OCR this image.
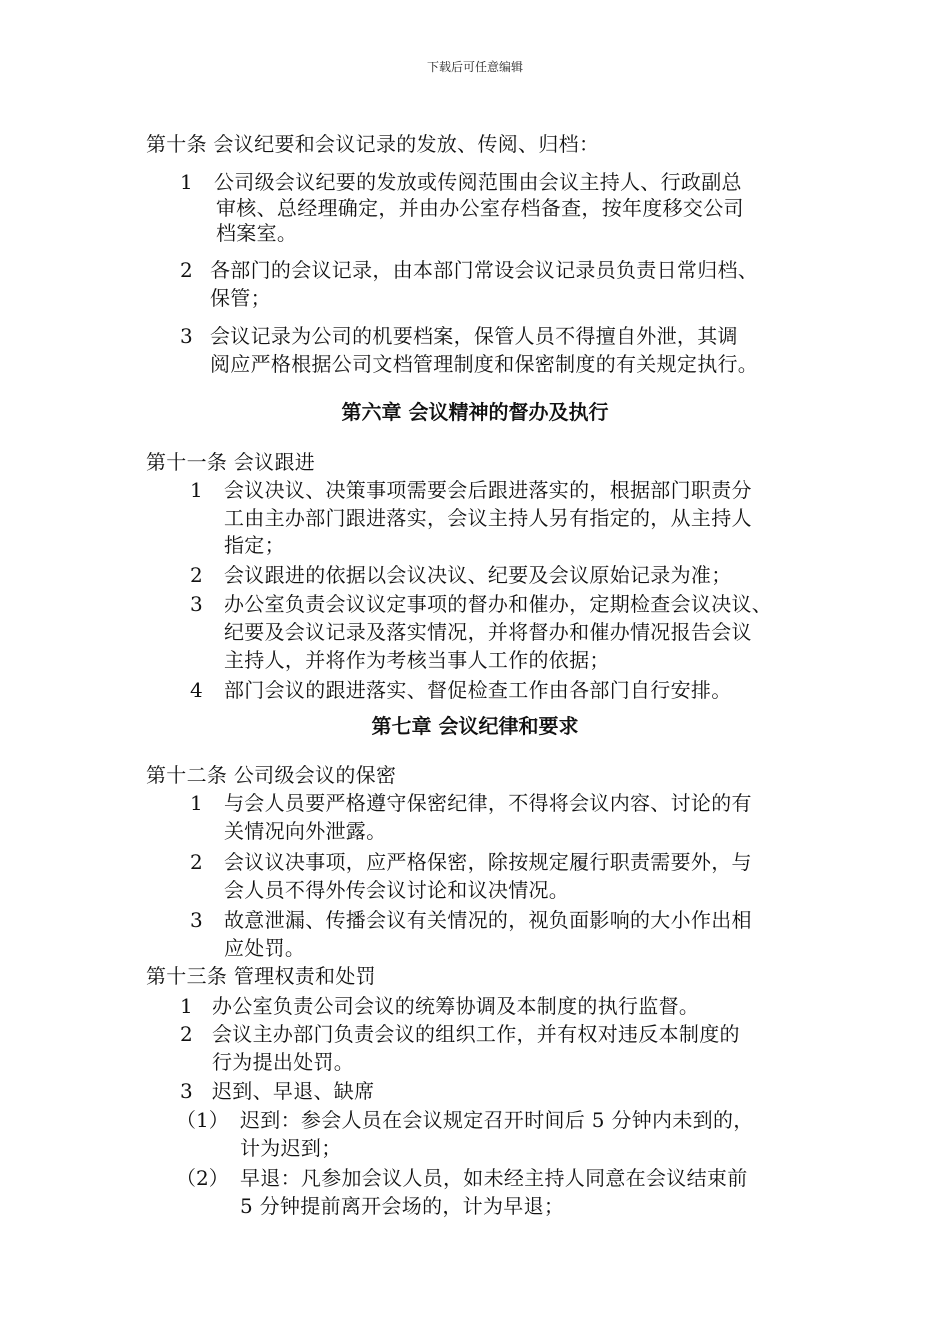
下载后可任意编辑
第十条 会议纪要和会议记录的发放、传阅、归档：
1 公司级会议纪要的发放或传阅范围由会议主持人、行政副总
审核、总经理确定，并由办公室存档备查，按年度移交公司
档案室。
2 各部门的会议记录，由本部门常设会议记录员负责日常归档、
保管；
3 会议记录为公司的机要档案，保管人员不得擅自外泄，其调
阅应严格根据公司文档管理制度和保密制度的有关规定执行。
第六章 会议精神的督办及执行
第十一条 会议跟进
1 会议决议、决策事项需要会后跟进落实的，根据部门职责分
工由主办部门跟进落实，会议主持人另有指定的，从主持人
指定；
2 会议跟进的依据以会议决议、纪要及会议原始记录为准；
3 办公室负责会议议定事项的督办和催办，定期检查会议决议、
纪要及会议记录及落实情况，并将督办和催办情况报告会议
主持人，并将作为考核当事人工作的依据；
4 部门会议的跟进落实、督促检查工作由各部门自行安排。
第七章 会议纪律和要求
第十二条 公司级会议的保密
1 与会人员要严格遵守保密纪律，不得将会议内容、讨论的有
关情况向外泄露。
2 会议议决事项，应严格保密，除按规定履行职责需要外，与
会人员不得外传会议讨论和议决情况。
3 故意泄漏、传播会议有关情况的，视负面影响的大小作出相
应处罚。
第十三条 管理权责和处罚
1 办公室负责公司会议的统筹协调及本制度的执行监督。
2 会议主办部门负责会议的组织工作，并有权对违反本制度的
行为提出处罚。
3 迟到、早退、缺席
（1） 迟到：参会人员在会议规定召开时间后 5 分钟内未到的，
计为迟到；
（2） 早退：凡参加会议人员，如未经主持人同意在会议结束前
5 分钟提前离开会场的，计为早退；
